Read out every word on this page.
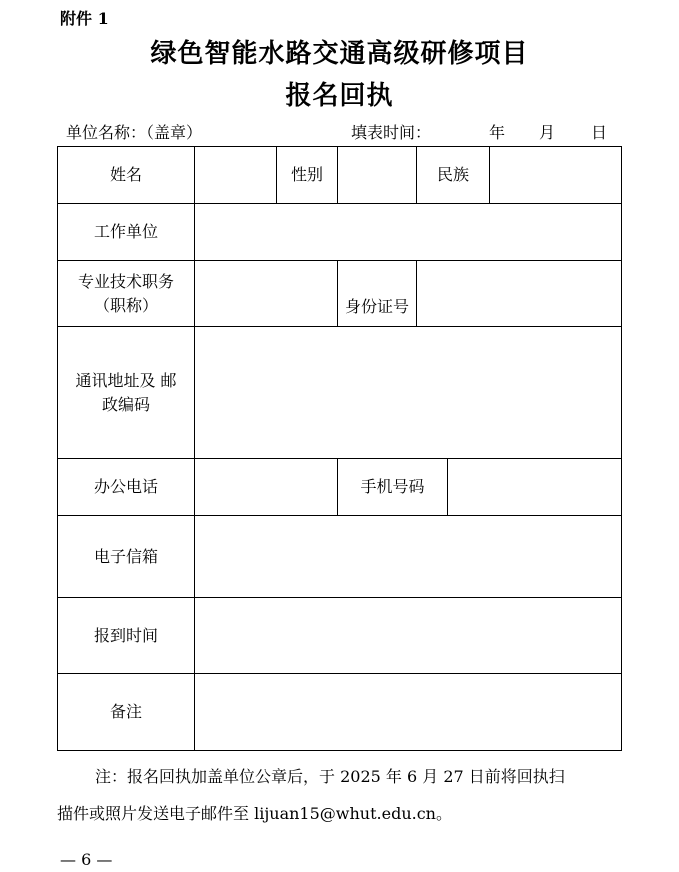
附件 1
绿色智能水路交通高级研修项目
报名回执
单位名称：（盖章）	填表时间：	年 月 日
姓名		性别		民族		
工作单位						
专业技术职务
（职称）			身份证号			
通讯地址及 邮
政编码						
办公电话			手机号码			
电子信箱						
报到时间						
备注						
注：报名回执加盖单位公章后，于 2025 年 6 月 27 日前将回执扫
描件或照片发送电子邮件至 lijuan15@whut.edu.cn。
— 6 —
